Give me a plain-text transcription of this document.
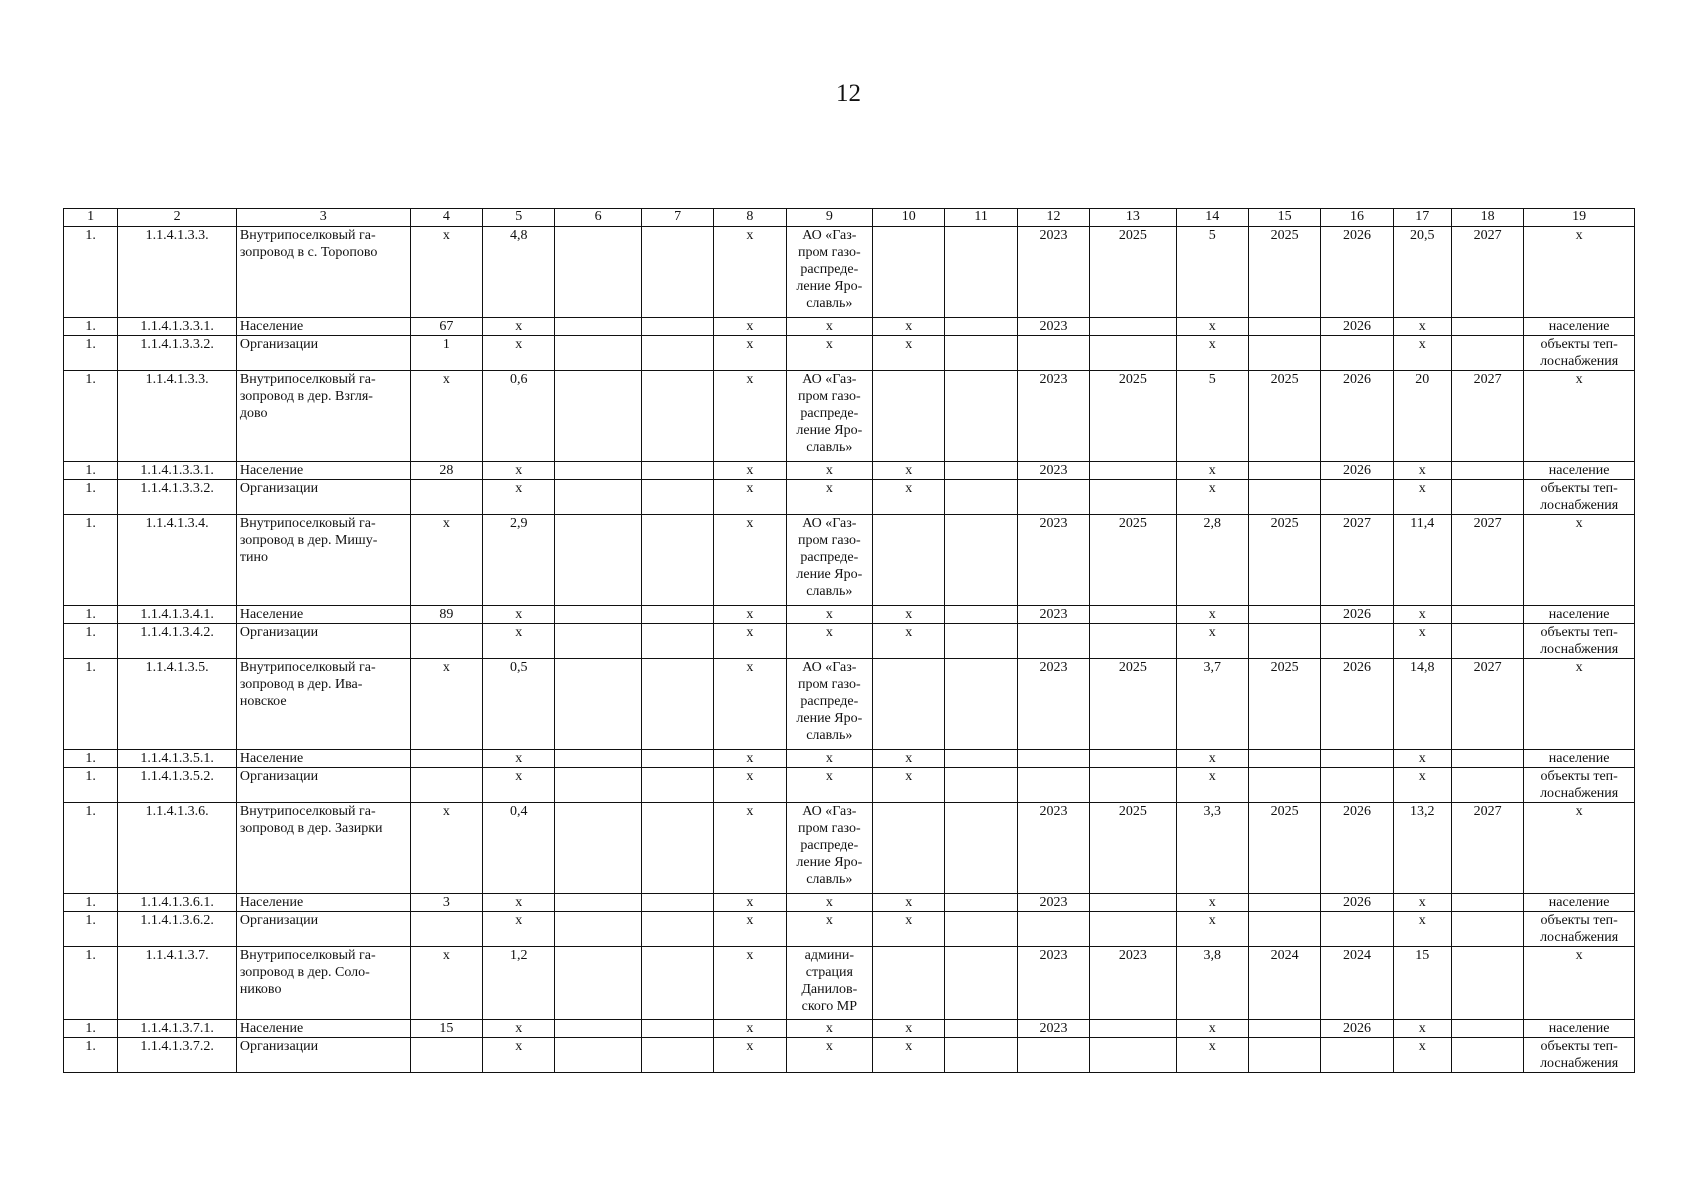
12
1	2	3	4	5	6	7	8	9	10	11	12	13	14	15	16	17	18	19
1.	1.1.4.1.3.3.	Внутрипоселковый га-
зопровод в с. Торопово	х	4,8			х	АО «Газ-
пром газо-
распреде-
ление Яро-
славль»			2023	2025	5	2025	2026	20,5	2027	х
1.	1.1.4.1.3.3.1.	Население	67	х			х	х	х		2023		х		2026	х		население
1.	1.1.4.1.3.3.2.	Организации	1	х			х	х	х				х			х		объекты теп-
лоснабжения
1.	1.1.4.1.3.3.	Внутрипоселковый га-
зопровод в дер. Взгля-
дово	х	0,6			х	АО «Газ-
пром газо-
распреде-
ление Яро-
славль»			2023	2025	5	2025	2026	20	2027	х
1.	1.1.4.1.3.3.1.	Население	28	х			х	х	х		2023		х		2026	х		население
1.	1.1.4.1.3.3.2.	Организации		х			х	х	х				х			х		объекты теп-
лоснабжения
1.	1.1.4.1.3.4.	Внутрипоселковый га-
зопровод в дер. Мишу-
тино	х	2,9			х	АО «Газ-
пром газо-
распреде-
ление Яро-
славль»			2023	2025	2,8	2025	2027	11,4	2027	х
1.	1.1.4.1.3.4.1.	Население	89	х			х	х	х		2023		х		2026	х		население
1.	1.1.4.1.3.4.2.	Организации		х			х	х	х				х			х		объекты теп-
лоснабжения
1.	1.1.4.1.3.5.	Внутрипоселковый га-
зопровод в дер. Ива-
новское	х	0,5			х	АО «Газ-
пром газо-
распреде-
ление Яро-
славль»			2023	2025	3,7	2025	2026	14,8	2027	х
1.	1.1.4.1.3.5.1.	Население		х			х	х	х				х			х		население
1.	1.1.4.1.3.5.2.	Организации		х			х	х	х				х			х		объекты теп-
лоснабжения
1.	1.1.4.1.3.6.	Внутрипоселковый га-
зопровод в дер. Зазирки	х	0,4			х	АО «Газ-
пром газо-
распреде-
ление Яро-
славль»			2023	2025	3,3	2025	2026	13,2	2027	х
1.	1.1.4.1.3.6.1.	Население	3	х			х	х	х		2023		х		2026	х		население
1.	1.1.4.1.3.6.2.	Организации		х			х	х	х				х			х		объекты теп-
лоснабжения
1.	1.1.4.1.3.7.	Внутрипоселковый га-
зопровод в дер. Соло-
никово	х	1,2			х	админи-
страция
Данилов-
ского МР			2023	2023	3,8	2024	2024	15		х
1.	1.1.4.1.3.7.1.	Население	15	х			х	х	х		2023		х		2026	х		население
1.	1.1.4.1.3.7.2.	Организации		х			х	х	х				х			х		объекты теп-
лоснабжения
